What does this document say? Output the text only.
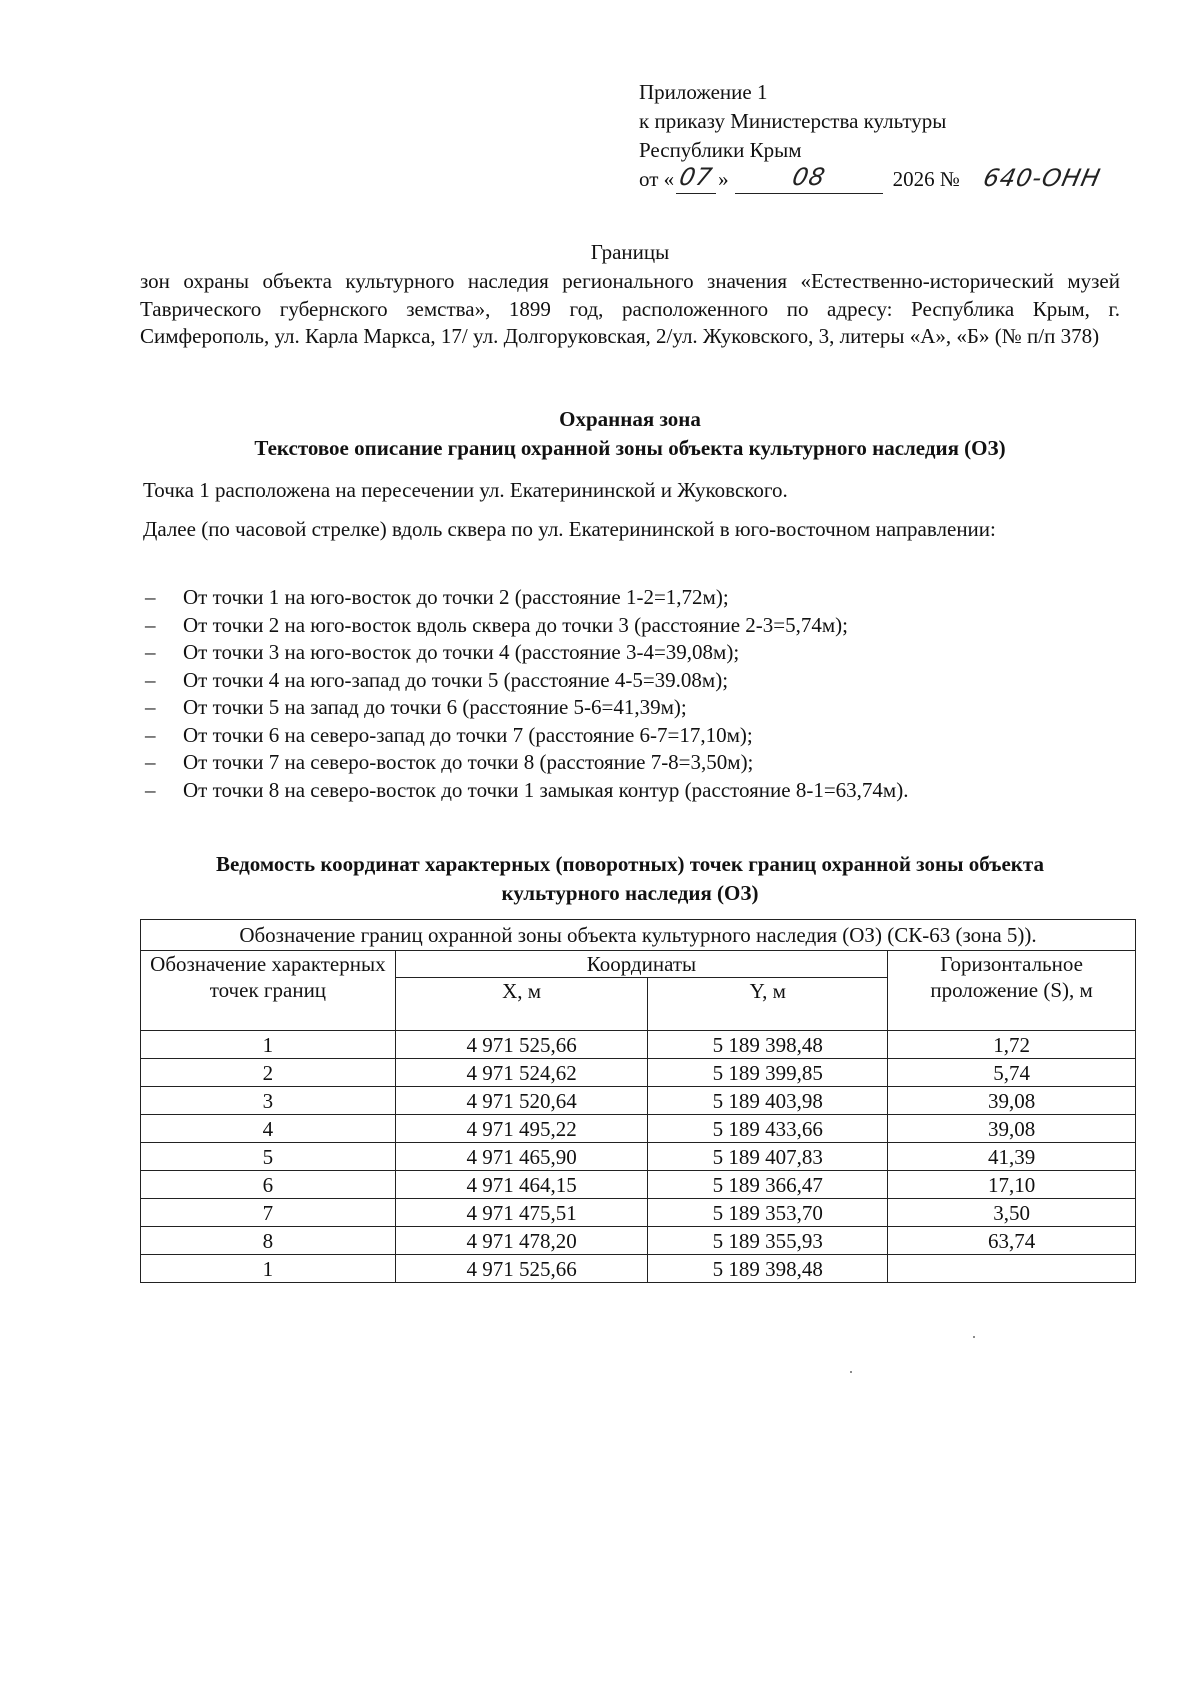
Приложение 1
к приказу Министерства культуры
Республики Крым
от « 07 »	08	2026 № 640-ОНН
Границы
зон охраны объекта культурного наследия регионального значения «Естественно-исторический музей Таврического губернского земства», 1899 год, расположенного по адресу: Республика Крым, г. Симферополь, ул. Карла Маркса, 17/ ул. Долгоруковская, 2/ул. Жуковского, 3, литеры «А», «Б» (№ п/п 378)
Охранная зона
Текстовое описание границ охранной зоны объекта культурного наследия (ОЗ)
Точка 1 расположена на пересечении ул. Екатерининской и Жуковского.
Далее (по часовой стрелке) вдоль сквера по ул. Екатерининской в юго-восточном направлении:
– От точки 1 на юго-восток до точки 2 (расстояние 1-2=1,72м);
– От точки 2 на юго-восток вдоль сквера до точки 3 (расстояние 2-3=5,74м);
– От точки 3 на юго-восток до точки 4 (расстояние 3-4=39,08м);
– От точки 4 на юго-запад до точки 5 (расстояние 4-5=39.08м);
– От точки 5 на запад до точки 6 (расстояние 5-6=41,39м);
– От точки 6 на северо-запад до точки 7 (расстояние 6-7=17,10м);
– От точки 7 на северо-восток до точки 8 (расстояние 7-8=3,50м);
– От точки 8 на северо-восток до точки 1 замыкая контур (расстояние 8-1=63,74м).
Ведомость координат характерных (поворотных) точек границ охранной зоны объекта
культурного наследия (ОЗ)
Обозначение границ охранной зоны объекта культурного наследия (ОЗ) (СК-63 (зона 5)).			
Обозначение характерных точек границ	Координаты		Горизонтальное проложение (S), м
	X, м	Y, м	
1	4 971 525,66	5 189 398,48	1,72
2	4 971 524,62	5 189 399,85	5,74
3	4 971 520,64	5 189 403,98	39,08
4	4 971 495,22	5 189 433,66	39,08
5	4 971 465,90	5 189 407,83	41,39
6	4 971 464,15	5 189 366,47	17,10
7	4 971 475,51	5 189 353,70	3,50
8	4 971 478,20	5 189 355,93	63,74
1	4 971 525,66	5 189 398,48	
